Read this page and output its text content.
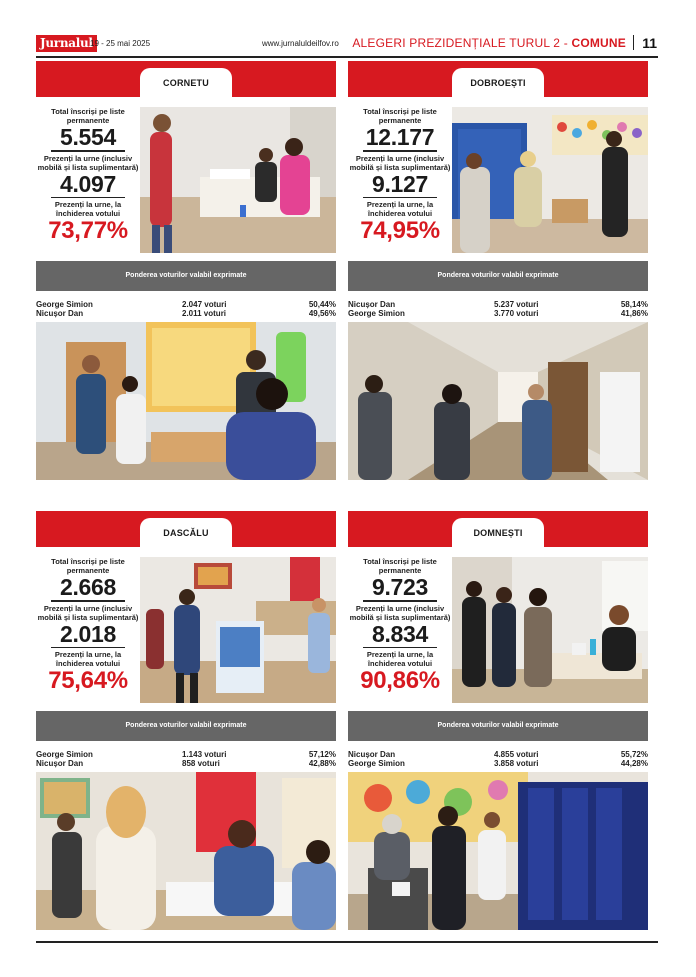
Jurnalul
19 - 25 mai 2025	www.jurnaluldeilfov.ro ALEGERI PREZIDENȚIALE TURUL 2 - COMUNE 11
CORNETU
Total înscriși pe liste permanente
5.554
Prezenți la urne (inclusiv mobilă și lista suplimentară)
4.097
Prezenți la urne, la închiderea votului
73,77%
Ponderea voturilor valabil exprimate
George Simion	2.047 voturi	50,44%
Nicușor Dan	2.011 voturi	49,56%
DOBROEȘTI
Total înscriși pe liste permanente
12.177
Prezenți la urne (inclusiv mobilă și lista suplimentară)
9.127
Prezenți la urne, la închiderea votului
74,95%
Ponderea voturilor valabil exprimate
Nicușor Dan	5.237 voturi	58,14%
George Simion	3.770 voturi	41,86%
DASCĂLU
Total înscriși pe liste permanente
2.668
Prezenți la urne (inclusiv mobilă și lista suplimentară)
2.018
Prezenți la urne, la închiderea votului
75,64%
Ponderea voturilor valabil exprimate
George Simion	1.143 voturi	57,12%
Nicușor Dan	858 voturi	42,88%
DOMNEȘTI
Total înscriși pe liste permanente
9.723
Prezenți la urne (inclusiv mobilă și lista suplimentară)
8.834
Prezenți la urne, la închiderea votului
90,86%
Ponderea voturilor valabil exprimate
Nicușor Dan	4.855 voturi	55,72%
George Simion	3.858 voturi	44,28%
